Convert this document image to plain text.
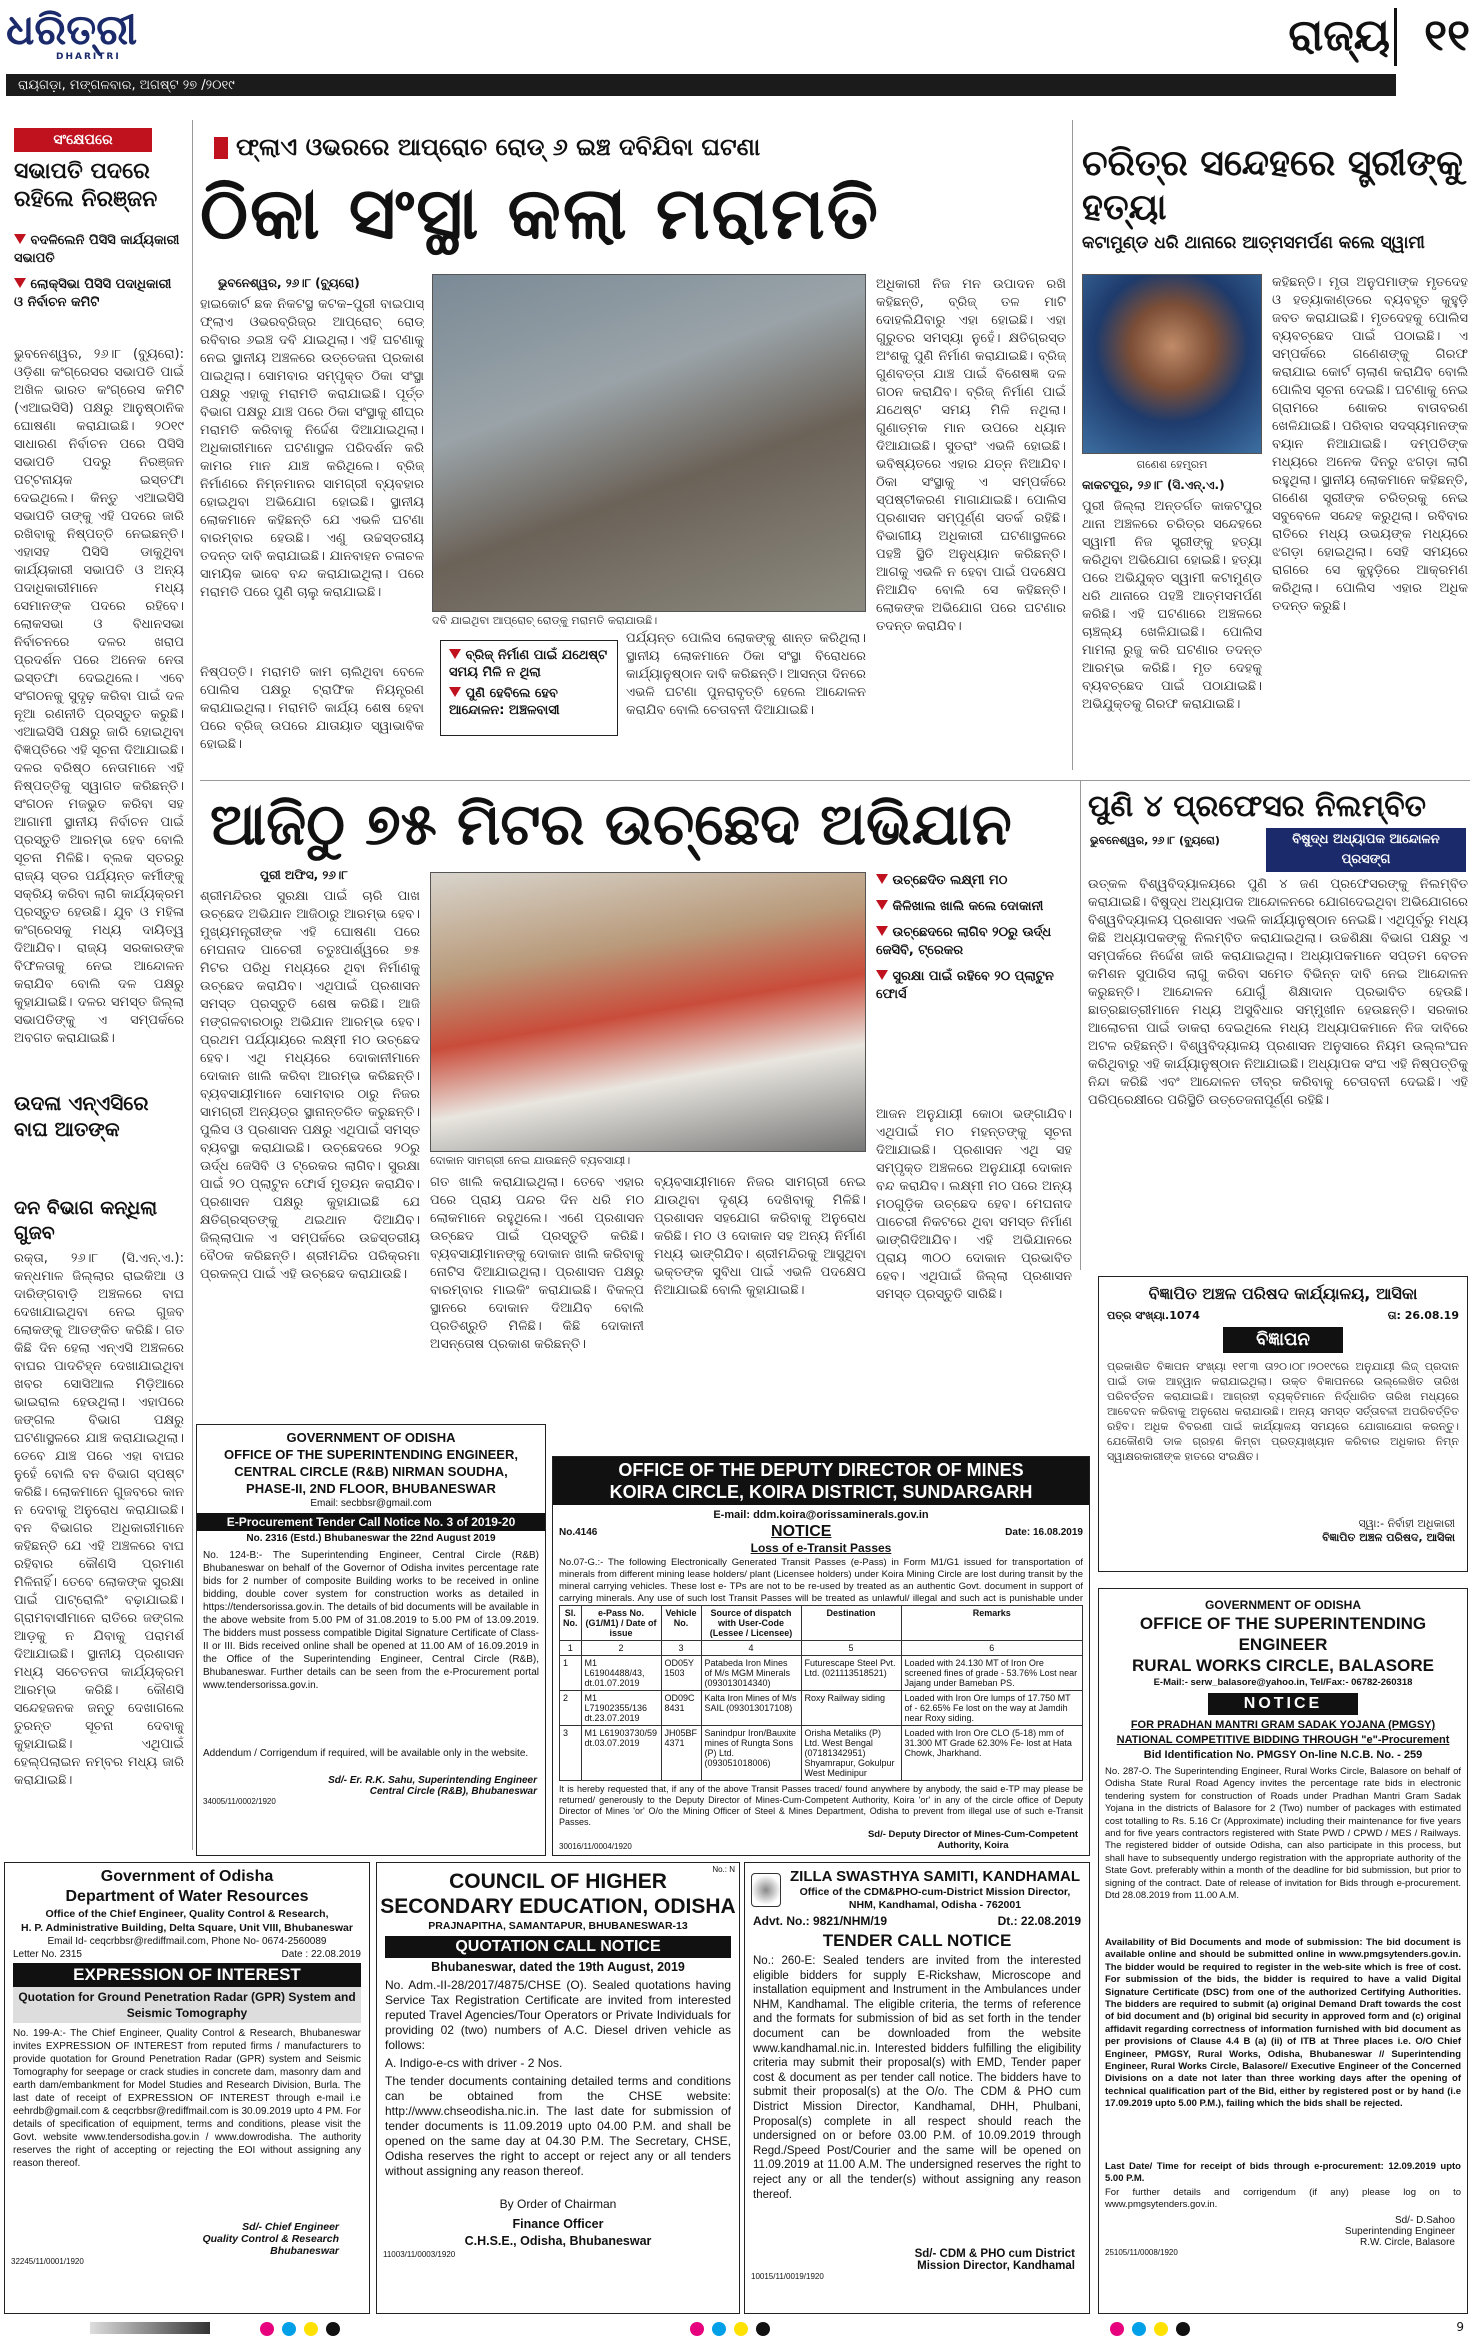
ଧରିତ୍ରୀ
DHARITRI
ରାୟଗଡ଼ା, ମଙ୍ଗଳବାର, ଅଗଷ୍ଟ ୨୭ /୨୦୧୯
ରାଜ୍ୟ ୧୧
ସଂକ୍ଷେପରେ
ସଭାପତି ପଦରେ ରହିଲେ ନିରଞ୍ଜନ
ବଦଳିଲେନି ପିସିସି କାର୍ଯ୍ୟକାରୀ ସଭାପତି
ଲୋକ୍ସିଭା ପିସିସି ପଦାଧିକାରୀ ଓ ନିର୍ବାଚନ କମିଟି
ଭୁବନେଶ୍ୱର, ୨୬।୮ (ବ୍ୟୁରୋ): ଓଡ଼ିଶା କଂଗ୍ରେସର ସଭାପତି ପାଇଁ ଅଖିଳ ଭାରତ କଂଗ୍ରେସ କମିଟି (ଏଆଇସିସି) ପକ୍ଷରୁ ଆନୁଷ୍ଠାନିକ ଘୋଷଣା କରାଯାଇଛି। ୨୦୧୯ ସାଧାରଣ ନିର୍ବାଚନ ପରେ ପିସିସି ସଭାପତି ପଦରୁ ନିରଞ୍ଜନ ପଟ୍ଟନାୟକ ଇସ୍ତଫା ଦେଇଥିଲେ। କିନ୍ତୁ ଏଆଇସିସି ସଭାପତି ତାଙ୍କୁ ଏହି ପଦରେ ଜାରି ରଖିବାକୁ ନିଷ୍ପତ୍ତି ନେଇଛନ୍ତି। ଏହାସହ ପିସିସି ଡାକୁଥିବା କାର୍ଯ୍ୟକାରୀ ସଭାପତି ଓ ଅନ୍ୟ ପଦାଧିକାରୀମାନେ ମଧ୍ୟ ସେମାନଙ୍କ ପଦରେ ରହିବେ। ଲୋକସଭା ଓ ବିଧାନସଭା ନିର୍ବାଚନରେ ଦଳର ଖରାପ ପ୍ରଦର୍ଶନ ପରେ ଅନେକ ନେତା ଇସ୍ତଫା ଦେଇଥିଲେ। ଏବେ ସଂଗଠନକୁ ସୁଦୃଢ଼ କରିବା ପାଇଁ ଦଳ ନୂଆ ରଣନୀତି ପ୍ରସ୍ତୁତ କରୁଛି। ଏଆଇସିସି ପକ୍ଷରୁ ଜାରି ହୋଇଥିବା ବିଜ୍ଞପ୍ତିରେ ଏହି ସୂଚନା ଦିଆଯାଇଛି। ଦଳର ବରିଷ୍ଠ ନେତାମାନେ ଏହି ନିଷ୍ପତ୍ତିକୁ ସ୍ୱାଗତ କରିଛନ୍ତି। ସଂଗଠନ ମଜଭୁତ କରିବା ସହ ଆଗାମୀ ସ୍ଥାନୀୟ ନିର୍ବାଚନ ପାଇଁ ପ୍ରସ୍ତୁତି ଆରମ୍ଭ ହେବ ବୋଲି ସୂଚନା ମିଳିଛି। ବ୍ଲକ ସ୍ତରରୁ ରାଜ୍ୟ ସ୍ତର ପର୍ଯ୍ୟନ୍ତ କର୍ମୀଙ୍କୁ ସକ୍ରିୟ କରିବା ଲାଗି କାର୍ଯ୍ୟକ୍ରମ ପ୍ରସ୍ତୁତ ହେଉଛି। ଯୁବ ଓ ମହିଳା କଂଗ୍ରେସକୁ ମଧ୍ୟ ଦାୟିତ୍ୱ ଦିଆଯିବ। ରାଜ୍ୟ ସରକାରଙ୍କ ବିଫଳତାକୁ ନେଇ ଆନ୍ଦୋଳନ କରାଯିବ ବୋଲି ଦଳ ପକ୍ଷରୁ କୁହାଯାଇଛି। ଦଳର ସମସ୍ତ ଜିଲ୍ଲା ସଭାପତିଙ୍କୁ ଏ ସମ୍ପର୍କରେ ଅବଗତ କରାଯାଇଛି।
ଉଦଳା ଏନ୍‌ଏସିରେ ବାଘ ଆତଙ୍କ
ଦନ ବିଭାଗ କନ୍ଧିଲା ଗୁଜବ
ରକ୍ତା, ୨୬।୮ (ସି.ଏନ୍.ଏ.): କନ୍ଧମାଳ ଜିଲ୍ଲାର ରାଇକିଆ ଓ ଦାରିଙ୍ଗବାଡ଼ି ଅଞ୍ଚଳରେ ବାଘ ଦେଖାଯାଇଥିବା ନେଇ ଗୁଜବ ଲୋକଙ୍କୁ ଆତଙ୍କିତ କରିଛି। ଗତ କିଛି ଦିନ ହେଲା ଏନ୍‌ଏସି ଅଞ୍ଚଳରେ ବାଘର ପାଦଚିହ୍ନ ଦେଖାଯାଇଥିବା ଖବର ସୋସିଆଲ ମିଡ଼ିଆରେ ଭାଇରାଲ ହେଉଥିଲା। ଏହାପରେ ଜଙ୍ଗଲ ବିଭାଗ ପକ୍ଷରୁ ଘଟଣାସ୍ଥଳରେ ଯାଞ୍ଚ କରାଯାଇଥିଲା। ତେବେ ଯାଞ୍ଚ ପରେ ଏହା ବାଘର ନୁହେଁ ବୋଲି ବନ ବିଭାଗ ସ୍ପଷ୍ଟ କରିଛି। ଲୋକମାନେ ଗୁଜବରେ କାନ ନ ଦେବାକୁ ଅନୁରୋଧ କରାଯାଇଛି। ବନ ବିଭାଗର ଅଧିକାରୀମାନେ କହିଛନ୍ତି ଯେ ଏହି ଅଞ୍ଚଳରେ ବାଘ ରହିବାର କୌଣସି ପ୍ରମାଣ ମିଳିନାହିଁ। ତେବେ ଲୋକଙ୍କ ସୁରକ୍ଷା ପାଇଁ ପାଟ୍ରୋଲିଂ ବଢ଼ାଯାଇଛି। ଗ୍ରାମବାସୀମାନେ ରାତିରେ ଜଙ୍ଗଲ ଆଡ଼କୁ ନ ଯିବାକୁ ପରାମର୍ଶ ଦିଆଯାଇଛି। ସ୍ଥାନୀୟ ପ୍ରଶାସନ ମଧ୍ୟ ସଚେତନତା କାର୍ଯ୍ୟକ୍ରମ ଆରମ୍ଭ କରିଛି। କୌଣସି ସନ୍ଦେହଜନକ ଜନ୍ତୁ ଦେଖାଗଲେ ତୁରନ୍ତ ସୂଚନା ଦେବାକୁ କୁହାଯାଇଛି। ଏଥିପାଇଁ ହେଲ୍ପଲାଇନ ନମ୍ବର ମଧ୍ୟ ଜାରି କରାଯାଇଛି।
ଫ୍ଲାଏ ଓଭରରେ ଆପ୍ରୋଚ ରୋଡ୍ ୬ ଇଞ୍ଚ ଦବିଯିବା ଘଟଣା
ଠିକା ସଂସ୍ଥା କଲା ମରାମତି
ଭୁବନେଶ୍ୱର, ୨୬।୮ (ବ୍ୟୁରୋ)
ଦବି ଯାଇଥିବା ଆପ୍ରୋଚ୍ ରୋଡ୍‌କୁ ମରାମତି କରାଯାଉଛି।
ହାଇକୋର୍ଟ ଛକ ନିକଟସ୍ଥ କଟକ–ପୁରୀ ବାଇପାସ୍ ଫ୍ଲାଏ ଓଭରବ୍ରିଜ୍‌ର ଆପ୍ରୋଚ୍ ରୋଡ୍ ରବିବାର ୬ଇଞ୍ଚ ଦବି ଯାଇଥିଲା। ଏହି ଘଟଣାକୁ ନେଇ ସ୍ଥାନୀୟ ଅଞ୍ଚଳରେ ଉତ୍ତେଜନା ପ୍ରକାଶ ପାଇଥିଲା। ସୋମବାର ସମ୍ପୃକ୍ତ ଠିକା ସଂସ୍ଥା ପକ୍ଷରୁ ଏହାକୁ ମରାମତି କରାଯାଇଛି। ପୂର୍ତ୍ତ ବିଭାଗ ପକ୍ଷରୁ ଯାଞ୍ଚ ପରେ ଠିକା ସଂସ୍ଥାକୁ ଶୀଘ୍ର ମରାମତି କରିବାକୁ ନିର୍ଦ୍ଦେଶ ଦିଆଯାଇଥିଲା। ଅଧିକାରୀମାନେ ଘଟଣାସ୍ଥଳ ପରିଦର୍ଶନ କରି କାମର ମାନ ଯାଞ୍ଚ କରିଥିଲେ। ବ୍ରିଜ୍ ନିର୍ମାଣରେ ନିମ୍ନମାନର ସାମଗ୍ରୀ ବ୍ୟବହାର ହୋଇଥିବା ଅଭିଯୋଗ ହୋଇଛି। ସ୍ଥାନୀୟ ଲୋକମାନେ କହିଛନ୍ତି ଯେ ଏଭଳି ଘଟଣା ବାରମ୍ବାର ହେଉଛି। ଏଣୁ ଉଚ୍ଚସ୍ତରୀୟ ତଦନ୍ତ ଦାବି କରାଯାଇଛି। ଯାନବାହନ ଚଳାଚଳ ସାମୟିକ ଭାବେ ବନ୍ଦ କରାଯାଇଥିଲା। ପରେ ମରାମତି ପରେ ପୁଣି ଚାଲୁ କରାଯାଇଛି।
ନିଷ୍ପତ୍ତି। ମରାମତି କାମ ଚାଲିଥିବା ବେଳେ ପୋଲିସ ପକ୍ଷରୁ ଟ୍ରାଫିକ ନିୟନ୍ତ୍ରଣ କରାଯାଇଥିଲା। ମରାମତି କାର୍ଯ୍ୟ ଶେଷ ହେବା ପରେ ବ୍ରିଜ୍ ଉପରେ ଯାତାୟାତ ସ୍ୱାଭାବିକ ହୋଇଛି।
ବ୍ରିଜ୍ ନିର୍ମାଣ ପାଇଁ ଯଥେଷ୍ଟ ସମୟ ମିଳି ନ ଥିଲା
ପୁଣି ହେବିଲେ ହେବ ଆନ୍ଦୋଳନ: ଅଞ୍ଚଳବାସୀ
ପର୍ଯ୍ୟନ୍ତ ପୋଲିସ ଲୋକଙ୍କୁ ଶାନ୍ତ କରିଥିଲା। ସ୍ଥାନୀୟ ଲୋକମାନେ ଠିକା ସଂସ୍ଥା ବିରୋଧରେ କାର୍ଯ୍ୟାନୁଷ୍ଠାନ ଦାବି କରିଛନ୍ତି। ଆସନ୍ତା ଦିନରେ ଏଭଳି ଘଟଣା ପୁନରାବୃତ୍ତି ହେଲେ ଆନ୍ଦୋଳନ କରାଯିବ ବୋଲି ଚେତାବନୀ ଦିଆଯାଇଛି।
ଅଧିକାରୀ ନିଜ ମନ ଉପାଦନ ରଖି କହିଛନ୍ତି, ବ୍ରିଜ୍ ତଳ ମାଟି ଦୋହଲିଯିବାରୁ ଏହା ହୋଇଛି। ଏହା ଗୁରୁତର ସମସ୍ୟା ନୁହେଁ। କ୍ଷତିଗ୍ରସ୍ତ ଅଂଶକୁ ପୁଣି ନିର୍ମାଣ କରାଯାଇଛି। ବ୍ରିଜ୍ ଗୁଣବତ୍ତା ଯାଞ୍ଚ ପାଇଁ ବିଶେଷଜ୍ଞ ଦଳ ଗଠନ କରାଯିବ। ବ୍ରିଜ୍ ନିର୍ମାଣ ପାଇଁ ଯଥେଷ୍ଟ ସମୟ ମିଳି ନଥିଲା। ଗୁଣାତ୍ମକ ମାନ ଉପରେ ଧ୍ୟାନ ଦିଆଯାଇଛି। ସୁତରାଂ ଏଭଳି ହୋଇଛି। ଭବିଷ୍ୟତରେ ଏହାର ଯତ୍ନ ନିଆଯିବ। ଠିକା ସଂସ୍ଥାକୁ ଏ ସମ୍ପର୍କରେ ସ୍ପଷ୍ଟୀକରଣ ମାଗାଯାଇଛି। ପୋଲିସ ପ୍ରଶାସନ ସମ୍ପୂର୍ଣ୍ଣ ସତର୍କ ରହିଛି। ବିଭାଗୀୟ ଅଧିକାରୀ ଘଟଣାସ୍ଥଳରେ ପହଞ୍ଚି ସ୍ଥିତି ଅନୁଧ୍ୟାନ କରିଛନ୍ତି। ଆଗକୁ ଏଭଳି ନ ହେବା ପାଇଁ ପଦକ୍ଷେପ ନିଆଯିବ ବୋଲି ସେ କହିଛନ୍ତି। ଲୋକଙ୍କ ଅଭିଯୋଗ ପରେ ଘଟଣାର ତଦନ୍ତ କରାଯିବ।
ଚରିତ୍ର ସନ୍ଦେହରେ ସ୍ତ୍ରୀଙ୍କୁ ହତ୍ୟା
କଟାମୁଣ୍ଡ ଧରି ଥାନାରେ ଆତ୍ମସମର୍ପଣ କଲେ ସ୍ୱାମୀ
ଗଣେଶ ହେମ୍ବ୍ରମ
କାକଟପୁର, ୨୬।୮ (ସି.ଏନ୍.ଏ.)
ପୁରୀ ଜିଲ୍ଲା ଅନ୍ତର୍ଗତ କାକଟପୁର ଥାନା ଅଞ୍ଚଳରେ ଚରିତ୍ର ସନ୍ଦେହରେ ସ୍ୱାମୀ ନିଜ ସ୍ତ୍ରୀଙ୍କୁ ହତ୍ୟା କରିଥିବା ଅଭିଯୋଗ ହୋଇଛି। ହତ୍ୟା ପରେ ଅଭିଯୁକ୍ତ ସ୍ୱାମୀ କଟାମୁଣ୍ଡ ଧରି ଥାନାରେ ପହଞ୍ଚି ଆତ୍ମସମର୍ପଣ କରିଛି। ଏହି ଘଟଣାରେ ଅଞ୍ଚଳରେ ଚାଞ୍ଚଲ୍ୟ ଖେଳିଯାଇଛି। ପୋଲିସ ମାମଲା ରୁଜୁ କରି ଘଟଣାର ତଦନ୍ତ ଆରମ୍ଭ କରିଛି। ମୃତ ଦେହକୁ ବ୍ୟବଚ୍ଛେଦ ପାଇଁ ପଠାଯାଇଛି। ଅଭିଯୁକ୍ତକୁ ଗିରଫ କରାଯାଇଛି।
କହିଛନ୍ତି। ମୃତା ଅନୁପମାଙ୍କ ମୃତଦେହ ଓ ହତ୍ୟାକାଣ୍ଡରେ ବ୍ୟବହୃତ କୁହୁଡ଼ି ଜବତ କରାଯାଇଛି। ମୃତଦେହକୁ ପୋଲିସ ବ୍ୟବଚ୍ଛେଦ ପାଇଁ ପଠାଇଛି। ଏ ସମ୍ପର୍କରେ ଗଣେଶଙ୍କୁ ଗିରଫ କରାଯାଇ କୋର୍ଟ ଚାଲାଣ କରାଯିବ ବୋଲି ପୋଲିସ ସୂଚନା ଦେଇଛି। ଘଟଣାକୁ ନେଇ ଗ୍ରାମରେ ଶୋକର ବାତାବରଣ ଖେଳିଯାଇଛି। ପରିବାର ସଦସ୍ୟମାନଙ୍କ ବୟାନ ନିଆଯାଇଛି। ଦମ୍ପତିଙ୍କ ମଧ୍ୟରେ ଅନେକ ଦିନରୁ ଝଗଡ଼ା ଲାଗି ରହୁଥିଲା। ସ୍ଥାନୀୟ ଲୋକମାନେ କହିଛନ୍ତି, ଗଣେଶ ସ୍ତ୍ରୀଙ୍କ ଚରିତ୍ରକୁ ନେଇ ସବୁବେଳେ ସନ୍ଦେହ କରୁଥିଲା। ରବିବାର ରାତିରେ ମଧ୍ୟ ଉଭୟଙ୍କ ମଧ୍ୟରେ ଝଗଡ଼ା ହୋଇଥିଲା। ସେହି ସମୟରେ ରାଗରେ ସେ କୁହୁଡ଼ିରେ ଆକ୍ରମଣ କରିଥିଲା। ପୋଲିସ ଏହାର ଅଧିକ ତଦନ୍ତ କରୁଛି।
ଆଜିଠୁ ୭୫ ମିଟର ଉଚ୍ଛେଦ ଅଭିଯାନ
ପୁରୀ ଅଫିସ, ୨୬।୮
ଶ୍ରୀମନ୍ଦିରର ସୁରକ୍ଷା ପାଇଁ ଚାରି ପାଖ ଉଚ୍ଛେଦ ଅଭିଯାନ ଆଜିଠାରୁ ଆରମ୍ଭ ହେବ। ମୁଖ୍ୟମନ୍ତ୍ରୀଙ୍କ ଏହି ଘୋଷଣା ପରେ ମେଘନାଦ ପାଚେରୀ ଚତୁଃପାର୍ଶ୍ୱରେ ୭୫ ମିଟର ପରିଧି ମଧ୍ୟରେ ଥିବା ନିର୍ମାଣକୁ ଉଚ୍ଛେଦ କରାଯିବ। ଏଥିପାଇଁ ପ୍ରଶାସନ ସମସ୍ତ ପ୍ରସ୍ତୁତି ଶେଷ କରିଛି। ଆଜି ମଙ୍ଗଳବାରଠାରୁ ଅଭିଯାନ ଆରମ୍ଭ ହେବ। ପ୍ରଥମ ପର୍ଯ୍ୟାୟରେ ଲକ୍ଷ୍ମୀ ମଠ ଉଚ୍ଛେଦ ହେବ। ଏଥି ମଧ୍ୟରେ ଦୋକାନୀମାନେ ଦୋକାନ ଖାଲି କରିବା ଆରମ୍ଭ କରିଛନ୍ତି। ବ୍ୟବସାୟୀମାନେ ସୋମବାର ଠାରୁ ନିଜର ସାମଗ୍ରୀ ଅନ୍ୟତ୍ର ସ୍ଥାନାନ୍ତରିତ କରୁଛନ୍ତି। ପୁଲିସ ଓ ପ୍ରଶାସନ ପକ୍ଷରୁ ଏଥିପାଇଁ ସମସ୍ତ ବ୍ୟବସ୍ଥା କରାଯାଇଛି। ଉଚ୍ଛେଦରେ ୨୦ରୁ ଊର୍ଦ୍ଧ ଜେସିବି ଓ ଟ୍ରେକର ଲାଗିବ। ସୁରକ୍ଷା ପାଇଁ ୨୦ ପ୍ଲାଟୁନ ଫୋର୍ସ ମୁତୟନ କରାଯିବ। ପ୍ରଶାସନ ପକ୍ଷରୁ କୁହାଯାଇଛି ଯେ କ୍ଷତିଗ୍ରସ୍ତଙ୍କୁ ଥଇଥାନ ଦିଆଯିବ। ଜିଲ୍ଲାପାଳ ଏ ସମ୍ପର୍କରେ ଉଚ୍ଚସ୍ତରୀୟ ବୈଠକ କରିଛନ୍ତି। ଶ୍ରୀମନ୍ଦିର ପରିକ୍ରମା ପ୍ରକଳ୍ପ ପାଇଁ ଏହି ଉଚ୍ଛେଦ କରାଯାଉଛି।
ଦୋକାନ ସାମଗ୍ରୀ ନେଇ ଯାଉଛନ୍ତି ବ୍ୟବସାୟୀ।
ଗତ ଖାଲି କରାଯାଇଥିଲା। ତେବେ ଏହାର ପରେ ପ୍ରାୟ ପନ୍ଦର ଦିନ ଧରି ମଠ ଲୋକମାନେ ରହୁଥିଲେ। ଏଣେ ପ୍ରଶାସନ ଉଚ୍ଛେଦ ପାଇଁ ପ୍ରସ୍ତୁତି କରିଛି। ବ୍ୟବସାୟୀମାନଙ୍କୁ ଦୋକାନ ଖାଲି କରିବାକୁ ନୋଟିସ ଦିଆଯାଇଥିଲା। ପ୍ରଶାସନ ପକ୍ଷରୁ ବାରମ୍ବାର ମାଇକିଂ କରାଯାଇଛି। ବିକଳ୍ପ ସ୍ଥାନରେ ଦୋକାନ ଦିଆଯିବ ବୋଲି ପ୍ରତିଶ୍ରୁତି ମିଳିଛି। କିଛି ଦୋକାନୀ ଅସନ୍ତୋଷ ପ୍ରକାଶ କରିଛନ୍ତି।
ବ୍ୟବସାୟୀମାନେ ନିଜର ସାମଗ୍ରୀ ନେଇ ଯାଉଥିବା ଦୃଶ୍ୟ ଦେଖିବାକୁ ମିଳିଛି। ପ୍ରଶାସନ ସହଯୋଗ କରିବାକୁ ଅନୁରୋଧ କରିଛି। ମଠ ଓ ଦୋକାନ ସହ ଅନ୍ୟ ନିର୍ମାଣ ମଧ୍ୟ ଭାଙ୍ଗିଯିବ। ଶ୍ରୀମନ୍ଦିରକୁ ଆସୁଥିବା ଭକ୍ତଙ୍କ ସୁବିଧା ପାଇଁ ଏଭଳି ପଦକ୍ଷେପ ନିଆଯାଇଛି ବୋଲି କୁହାଯାଇଛି।
ଉଚ୍ଛେଦିତ ଲକ୍ଷ୍ମୀ ମଠ
କିଳିଖାଲ ଖାଲି କଲେ ଦୋକାନୀ
ଉଚ୍ଛେଦରେ ଲାଗିବ ୨୦ରୁ ଊର୍ଦ୍ଧ ଜେସିବି, ଟ୍ରେକର
ସୁରକ୍ଷା ପାଇଁ ରହିବେ ୨୦ ପ୍ଲାଟୁନ ଫୋର୍ସ
ଆଜନ ଅନୁଯାୟୀ କୋଠା ଭଙ୍ଗାଯିବ। ଏଥିପାଇଁ ମଠ ମହନ୍ତଙ୍କୁ ସୂଚନା ଦିଆଯାଇଛି। ପ୍ରଶାସନ ଏଥି ସହ ସମ୍ପୃକ୍ତ ଅଞ୍ଚଳରେ ଅନୁଯାୟୀ ଦୋକାନ ବନ୍ଦ କରାଯିବ। ଲକ୍ଷ୍ମୀ ମଠ ପରେ ଅନ୍ୟ ମଠଗୁଡ଼ିକ ଉଚ୍ଛେଦ ହେବ। ମେଘନାଦ ପାଚେରୀ ନିକଟରେ ଥିବା ସମସ୍ତ ନିର୍ମାଣ ଭାଙ୍ଗିଦିଆଯିବ। ଏହି ଅଭିଯାନରେ ପ୍ରାୟ ୩୦୦ ଦୋକାନ ପ୍ରଭାବିତ ହେବ। ଏଥିପାଇଁ ଜିଲ୍ଲା ପ୍ରଶାସନ ସମସ୍ତ ପ୍ରସ୍ତୁତି ସାରିଛି।
ପୁଣି ୪ ପ୍ରଫେସର ନିଲମ୍ବିତ
ଭୁବନେଶ୍ୱର, ୨୬।୮ (ବ୍ୟୁରୋ)	ବିଷୁଦ୍ଧ ଅଧ୍ୟାପକ ଆନ୍ଦୋଳନ ପ୍ରସଙ୍ଗ
ଉତ୍କଳ ବିଶ୍ୱବିଦ୍ୟାଳୟରେ ପୁଣି ୪ ଜଣ ପ୍ରଫେସରଙ୍କୁ ନିଲମ୍ବିତ କରାଯାଇଛି। ବିଷୁଦ୍ଧ ଅଧ୍ୟାପକ ଆନ୍ଦୋଳନରେ ଯୋଗଦେଇଥିବା ଅଭିଯୋଗରେ ବିଶ୍ୱବିଦ୍ୟାଳୟ ପ୍ରଶାସନ ଏଭଳି କାର୍ଯ୍ୟାନୁଷ୍ଠାନ ନେଇଛି। ଏଥିପୂର୍ବରୁ ମଧ୍ୟ କିଛି ଅଧ୍ୟାପକଙ୍କୁ ନିଲମ୍ବିତ କରାଯାଇଥିଲା। ଉଚ୍ଚଶିକ୍ଷା ବିଭାଗ ପକ୍ଷରୁ ଏ ସମ୍ପର୍କରେ ନିର୍ଦ୍ଦେଶ ଜାରି କରାଯାଇଥିଲା। ଅଧ୍ୟାପକମାନେ ସପ୍ତମ ବେତନ କମିଶନ ସୁପାରିସ ଲାଗୁ କରିବା ସମେତ ବିଭିନ୍ନ ଦାବି ନେଇ ଆନ୍ଦୋଳନ କରୁଛନ୍ତି। ଆନ୍ଦୋଳନ ଯୋଗୁଁ ଶିକ୍ଷାଦାନ ପ୍ରଭାବିତ ହେଉଛି। ଛାତ୍ରଛାତ୍ରୀମାନେ ମଧ୍ୟ ଅସୁବିଧାର ସମ୍ମୁଖୀନ ହେଉଛନ୍ତି। ସରକାର ଆଲୋଚନା ପାଇଁ ଡାକରା ଦେଇଥିଲେ ମଧ୍ୟ ଅଧ୍ୟାପକମାନେ ନିଜ ଦାବିରେ ଅଟଳ ରହିଛନ୍ତି। ବିଶ୍ୱବିଦ୍ୟାଳୟ ପ୍ରଶାସନ ଅନୁସାରେ ନିୟମ ଉଲ୍ଲଂଘନ କରିଥିବାରୁ ଏହି କାର୍ଯ୍ୟାନୁଷ୍ଠାନ ନିଆଯାଇଛି। ଅଧ୍ୟାପକ ସଂଘ ଏହି ନିଷ୍ପତ୍ତିକୁ ନିନ୍ଦା କରିଛି ଏବଂ ଆନ୍ଦୋଳନ ତୀବ୍ର କରିବାକୁ ଚେତାବନୀ ଦେଇଛି। ଏହି ପରିପ୍ରେକ୍ଷୀରେ ପରିସ୍ଥିତି ଉତ୍ତେଜନାପୂର୍ଣ୍ଣ ରହିଛି।
ବିଜ୍ଞାପିତ ଅଞ୍ଚଳ ପରିଷଦ କାର୍ଯ୍ୟାଳୟ, ଆସିକା
ପତ୍ର ସଂଖ୍ୟା.1074	ତା: 26.08.19
ବିଜ୍ଞାପନ
ପ୍ରକାଶିତ ବିଜ୍ଞାପନ ସଂଖ୍ୟା ୧୧୮୩ ତା୨୦।୦୮।୨୦୧୯ରେ ଅନୁଯାୟୀ ଲିଜ୍ ପ୍ରଦାନ ପାଇଁ ଡାକ ଆହ୍ୱାନ କରାଯାଇଥିଲା। ଉକ୍ତ ବିଜ୍ଞାପନରେ ଉଲ୍ଲେଖିତ ତାରିଖ ପରିବର୍ତ୍ତନ କରାଯାଇଛି। ଆଗ୍ରହୀ ବ୍ୟକ୍ତିମାନେ ନିର୍ଦ୍ଧାରିତ ତାରିଖ ମଧ୍ୟରେ ଆବେଦନ କରିବାକୁ ଅନୁରୋଧ କରାଯାଉଛି। ଅନ୍ୟ ସମସ୍ତ ସର୍ତ୍ତାବଳୀ ଅପରିବର୍ତ୍ତିତ ରହିବ। ଅଧିକ ବିବରଣୀ ପାଇଁ କାର୍ଯ୍ୟାଳୟ ସମୟରେ ଯୋଗାଯୋଗ କରନ୍ତୁ। ଯେକୌଣସି ଡାକ ଗ୍ରହଣ କିମ୍ବା ପ୍ରତ୍ୟାଖ୍ୟାନ କରିବାର ଅଧିକାର ନିମ୍ନ ସ୍ୱାକ୍ଷରକାରୀଙ୍କ ହାତରେ ସଂରକ୍ଷିତ।
ସ୍ୱା:- ନିର୍ବାହୀ ଅଧିକାରୀ
ବିଜ୍ଞାପିତ ଅଞ୍ଚଳ ପରିଷଦ, ଆସିକା
OFFICE OF THE DEPUTY DIRECTOR OF MINES
KOIRA CIRCLE, KOIRA DISTRICT, SUNDARGARH
E-mail: ddm.koira@orissaminerals.gov.in
No.4146	NOTICE	Date: 16.08.2019
Loss of e-Transit Passes
No.07-G.:- The following Electronically Generated Transit Passes (e-Pass) in Form M1/G1 issued for transportation of minerals from different mining lease holders/ plant (Licensee holders) under Koira Mining Circle are lost during transit by the mineral carrying vehicles. These lost e- TPs are not to be re-used by treated as an authentic Govt. document in support of carrying minerals. Any use of such lost Transit Passes will be treated as unlawful/ illegal and such act is punishable under
Sl. No.	e-Pass No. (G1/M1) / Date of issue	Vehicle No.	Source of dispatch with User-Code (Lessee / Licensee)	Destination	Remarks
1	2	3	4	5	6
1	M1 L61904488/43, dt.01.07.2019	OD05Y 1503	Patabeda Iron Mines of M/s MGM Minerals (093013014340)	Futurescape Steel Pvt. Ltd. (021113518521)	Loaded with 24.130 MT of Iron Ore screened fines of grade - 53.76% Lost near Jajang under Bameban PS.
2	M1 L71902355/136 dt.23.07.2019	OD09C 8431	Kalta Iron Mines of M/s SAIL (093013017108)	Roxy Railway siding	Loaded with Iron Ore lumps of 17.750 MT of - 62.65% Fe lost on the way at Jamdih near Roxy siding.
3	M1 L61903730/59 dt.03.07.2019	JH05BF 4371	Sanindpur Iron/Bauxite mines of Rungta Sons (P) Ltd. (093051018006)	Orisha Metaliks (P) Ltd. West Bengal (07181342951) Shyamrapur, Gokulpur West Medinipur	Loaded with Iron Ore CLO (5-18) mm of 31.300 MT Grade 62.30% Fe- lost at Hata Chowk, Jharkhand.
It is hereby requested that, if any of the above Transit Passes traced/ found anywhere by anybody, the said e-TP may please be returned/ generously to the Deputy Director of Mines-Cum-Competent Authority, Koira 'or' in any of the circle office of Deputy Director of Mines 'or' O/o the Mining Officer of Steel & Mines Department, Odisha to prevent from illegal use of such e-Transit Passes.
30016/11/0004/1920
Sd/- Deputy Director of Mines-Cum-Competent Authority, Koira
GOVERNMENT OF ODISHA
OFFICE OF THE SUPERINTENDING ENGINEER,
CENTRAL CIRCLE (R&B) NIRMAN SOUDHA,
PHASE-II, 2ND FLOOR, BHUBANESWAR
Email: secbbsr@gmail.com
E-Procurement Tender Call Notice No. 3 of 2019-20
No. 2316 (Estd.) Bhubaneswar the 22nd August 2019
No. 124-B:- The Superintending Engineer, Central Circle (R&B) Bhubaneswar on behalf of the Governor of Odisha invites percentage rate bids for 2 number of composite Building works to be received in online bidding, double cover system for construction works as detailed in https://tendersorissa.gov.in. The details of bid documents will be available in the above website from 5.00 PM of 31.08.2019 to 5.00 PM of 13.09.2019. The bidders must possess compatible Digital Signature Certificate of Class-II or III. Bids received online shall be opened at 11.00 AM of 16.09.2019 in the Office of the Superintending Engineer, Central Circle (R&B), Bhubaneswar. Further details can be seen from the e-Procurement portal www.tendersorissa.gov.in.
Addendum / Corrigendum if required, will be available only in the website.
Sd/- Er. R.K. Sahu, Superintending Engineer
Central Circle (R&B), Bhubaneswar
34005/11/0002/1920
GOVERNMENT OF ODISHA
OFFICE OF THE SUPERINTENDING ENGINEER
RURAL WORKS CIRCLE, BALASORE
E-Mail:- serw_balasore@yahoo.in, Tel/Fax:- 06782-260318
NOTICE
FOR PRADHAN MANTRI GRAM SADAK YOJANA (PMGSY)
NATIONAL COMPETITIVE BIDDING THROUGH "e"-Procurement
Bid Identification No. PMGSY On-line N.C.B. No. - 259
No. 287-O. The Superintending Engineer, Rural Works Circle, Balasore on behalf of Odisha State Rural Road Agency invites the percentage rate bids in electronic tendering system for construction of Roads under Pradhan Mantri Gram Sadak Yojana in the districts of Balasore for 2 (Two) number of packages with estimated cost totalling to Rs. 5.16 Cr (Approximate) including their maintenance for five years and for five years contractors registered with State PWD / CPWD / MES / Railways. The registered bidder of outside Odisha, can also participate in this process, but shall have to subsequently undergo registration with the appropriate authority of the State Govt. preferably within a month of the deadline for bid submission, but prior to signing of the contract. Date of release of invitation for Bids through e-procurement. Dtd 28.08.2019 from 11.00 A.M.
Availability of Bid Documents and mode of submission: The bid document is available online and should be submitted online in www.pmgsytenders.gov.in. The bidder would be required to register in the web-site which is free of cost. For submission of the bids, the bidder is required to have a valid Digital Signature Certificate (DSC) from one of the authorized Certifying Authorities. The bidders are required to submit (a) original Demand Draft towards the cost of bid document and (b) original bid security in approved form and (c) original affidavit regarding correctness of information furnished with bid document as per provisions of Clause 4.4 B (a) (ii) of ITB at Three places i.e. O/O Chief Engineer, PMGSY, Rural Works, Odisha, Bhubaneswar // Superintending Engineer, Rural Works Circle, Balasore// Executive Engineer of the Concerned Divisions on a date not later than three working days after the opening of technical qualification part of the Bid, either by registered post or by hand (i.e 17.09.2019 upto 5.00 P.M.), failing which the bids shall be rejected.
Last Date/ Time for receipt of bids through e-procurement: 12.09.2019 upto 5.00 P.M.
For further details and corrigendum (if any) please log on to www.pmgsytenders.gov.in.
Sd/- D.Sahoo
Superintending Engineer
R.W. Circle, Balasore
25105/11/0008/1920
Government of Odisha
Department of Water Resources
Office of the Chief Engineer, Quality Control & Research,
H. P. Administrative Building, Delta Square, Unit VIII, Bhubaneswar
Email Id- ceqcrbbsr@rediffmail.com, Phone No- 0674-2560089
Letter No. 2315	Date : 22.08.2019
EXPRESSION OF INTEREST
Quotation for Ground Penetration Radar (GPR) System and Seismic Tomography
No. 199-A:- The Chief Engineer, Quality Control & Research, Bhubaneswar invites EXPRESSION OF INTEREST from reputed firms / manufacturers to provide quotation for Ground Penetration Radar (GPR) system and Seismic Tomography for seepage or crack studies in concrete dam, masonry dam and earth dam/embankment for Model Studies and Research Division, Burla. The last date of receipt of EXPRESSION OF INTEREST through e-mail i.e eehrdb@gmail.com & ceqcrbbsr@rediffmail.com is 30.09.2019 upto 4 PM. For details of specification of equipment, terms and conditions, please visit the Govt. website www.tendersodisha.gov.in / www.dowrodisha. The authority reserves the right of accepting or rejecting the EOI without assigning any reason thereof.
Sd/- Chief Engineer
Quality Control & Research
Bhubaneswar
32245/11/0001/1920
No.: N
COUNCIL OF HIGHER
SECONDARY EDUCATION, ODISHA
PRAJNAPITHA, SAMANTAPUR, BHUBANESWAR-13
QUOTATION CALL NOTICE
Bhubaneswar, dated the 19th August, 2019
No. Adm.-II-28/2017/4875/CHSE (O). Sealed quotations having Service Tax Registration Certificate are invited from interested reputed Travel Agencies/Tour Operators or Private Individuals for providing 02 (two) numbers of A.C. Diesel driven vehicle as follows:
A. Indigo-e-cs with driver - 2 Nos.
The tender documents containing detailed terms and conditions can be obtained from the CHSE website: http://www.chseodisha.nic.in. The last date for submission of tender documents is 11.09.2019 upto 04.00 P.M. and shall be opened on the same day at 04.30 P.M. The Secretary, CHSE, Odisha reserves the right to accept or reject any or all tenders without assigning any reason thereof.
By Order of Chairman
Finance Officer
C.H.S.E., Odisha, Bhubaneswar
11003/11/0003/1920
ZILLA SWASTHYA SAMITI, KANDHAMAL
Office of the CDM&PHO-cum-District Mission Director, NHM, Kandhamal, Odisha - 762001
Advt. No.: 9821/NHM/19	Dt.: 22.08.2019
TENDER CALL NOTICE
No.: 260-E: Sealed tenders are invited from the interested eligible bidders for supply E-Rickshaw, Microscope and installation equipment and Instrument in the Ambulances under NHM, Kandhamal. The eligible criteria, the terms of reference and the formats for submission of bid as set forth in the tender document can be downloaded from the website www.kandhamal.nic.in. Interested bidders fulfilling the eligibility criteria may submit their proposal(s) with EMD, Tender paper cost & document as per tender call notice. The bidders have to submit their proposal(s) at the O/o. The CDM & PHO cum District Mission Director, Kandhamal, DHH, Phulbani, Proposal(s) complete in all respect should reach the undersigned on or before 03.00 P.M. of 10.09.2019 through Regd./Speed Post/Courier and the same will be opened on 11.09.2019 at 11.00 A.M. The undersigned reserves the right to reject any or all the tender(s) without assigning any reason thereof.
Sd/- CDM & PHO cum District
Mission Director, Kandhamal
10015/11/0019/1920
9
